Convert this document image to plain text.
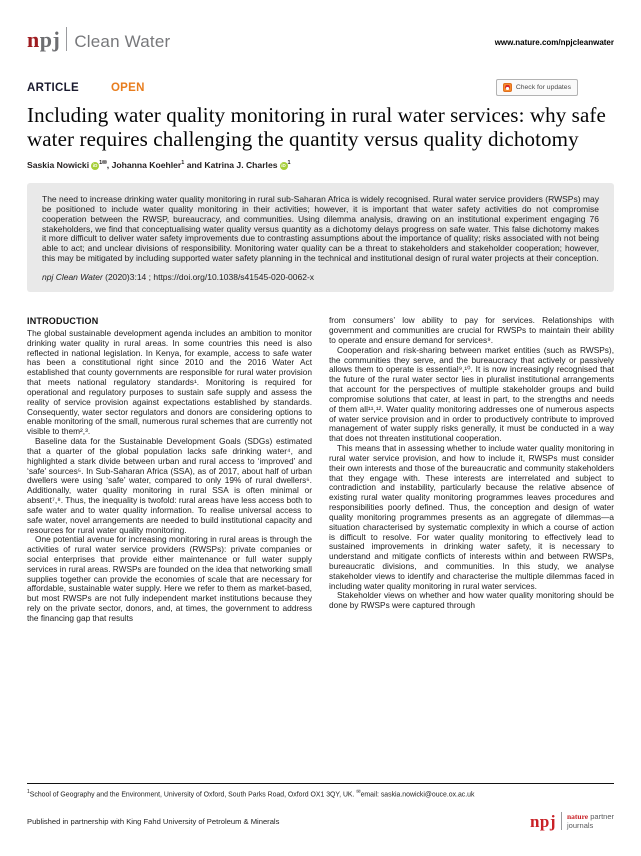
npj Clean Water	www.nature.com/npjcleanwater
ARTICLE	OPEN	Check for updates
Including water quality monitoring in rural water services: why safe water requires challenging the quantity versus quality dichotomy
Saskia Nowicki iD $^{1✉}$, Johanna Koehler$^1$ and Katrina J. Charles iD $^1$

The need to increase drinking water quality monitoring in rural sub-Saharan Africa is widely recognised. Rural water service providers (RWSPs) may be positioned to include water quality monitoring in their activities; however, it is important that water safety activities do not compromise cooperation between the RWSP, bureaucracy, and communities. Using dilemma analysis, drawing on an institutional experiment engaging 76 stakeholders, we find that conceptualising water quality versus quantity as a dichotomy delays progress on safe water. This false dichotomy makes it more difficult to deliver water safety improvements due to contrasting assumptions about the importance of quality; risks associated with not being able to act; and unclear divisions of responsibility. Monitoring water quality can be a threat to stakeholders and stakeholder cooperation; however, this may be mitigated by including supported water safety planning in the technical and institutional design of rural water projects at their conception.

npj Clean Water (2020)3:14 ; https://doi.org/10.1038/s41545-020-0062-x

INTRODUCTION

The global sustainable development agenda includes an ambition to monitor drinking water quality in rural areas. In some countries this need is also reflected in national legislation. In Kenya, for example, access to safe water has been a constitutional right since 2010 and the 2016 Water Act established that county governments are responsible for rural water provision that meets national regulatory standards¹. Monitoring is required for operational and regulatory purposes to sustain safe supply and assess the reality of service provision against expectations established by standards. Consequently, water sector regulators and donors are considering options to enable monitoring of the small, numerous rural schemes that are currently not visible to them²,³.

Baseline data for the Sustainable Development Goals (SDGs) estimated that a quarter of the global population lacks safe drinking water⁴, and highlighted a stark divide between urban and rural access to ‘improved’ and ‘safe’ sources⁵. In Sub-Saharan Africa (SSA), as of 2017, about half of urban dwellers were using ‘safe’ water, compared to only 19% of rural dwellers⁶. Additionally, water quality monitoring in rural SSA is often minimal or absent⁷,⁸. Thus, the inequality is twofold: rural areas have less access both to safe water and to water quality information. To realise universal access to safe water, novel arrangements are needed to build institutional capacity and resources for rural water quality monitoring.

One potential avenue for increasing monitoring in rural areas is through the activities of rural water service providers (RWSPs): private companies or social enterprises that provide either maintenance or full water supply services in rural areas. RWSPs are founded on the idea that networking small supplies together can provide the economies of scale that are necessary for affordable, sustainable water supply. Here we refer to them as market-based, but most RWSPs are not fully independent market institutions because they rely on the private sector, donors, and, at times, the government to address the financing gap that results

from consumers’ low ability to pay for services. Relationships with government and communities are crucial for RWSPs to maintain their ability to operate and ensure demand for services⁹.

Cooperation and risk-sharing between market entities (such as RWSPs), the communities they serve, and the bureaucracy that actively or passively allows them to operate is essential⁹,¹⁰. It is now increasingly recognised that the future of the rural water sector lies in pluralist institutional arrangements that account for the perspectives of multiple stakeholder groups and build compromise solutions that cater, at least in part, to the strengths and needs of them all¹¹,¹². Water quality monitoring addresses one of numerous aspects of water service provision and in order to productively contribute to improved management of water supply risks generally, it must be conducted in a way that does not threaten institutional cooperation.

This means that in assessing whether to include water quality monitoring in rural water service provision, and how to include it, RWSPs must consider their own interests and those of the bureaucratic and community stakeholders that they engage with. These interests are interrelated and subject to contradiction and instability, particularly because the relative absence of existing rural water quality monitoring programmes leaves procedures and responsibilities poorly defined. Thus, the conception and design of water quality monitoring programmes presents as an aggregate of dilemmas—a situation characterised by systematic complexity in which a course of action is difficult to resolve. For water quality monitoring to effectively lead to sustained improvements in drinking water safety, it is necessary to understand and mitigate conflicts of interests within and between RWSPs, bureaucratic divisions, and communities. In this study, we analyse stakeholder views to identify and characterise the multiple dilemmas faced in including water quality monitoring in rural water services.

Stakeholder views on whether and how water quality monitoring should be done by RWSPs were captured through

$^1$School of Geography and the Environment, University of Oxford, South Parks Road, Oxford OX1 3QY, UK. ✉email: saskia.nowicki@ouce.ox.ac.uk
Published in partnership with King Fahd University of Petroleum & Minerals	npj nature partner
journals
